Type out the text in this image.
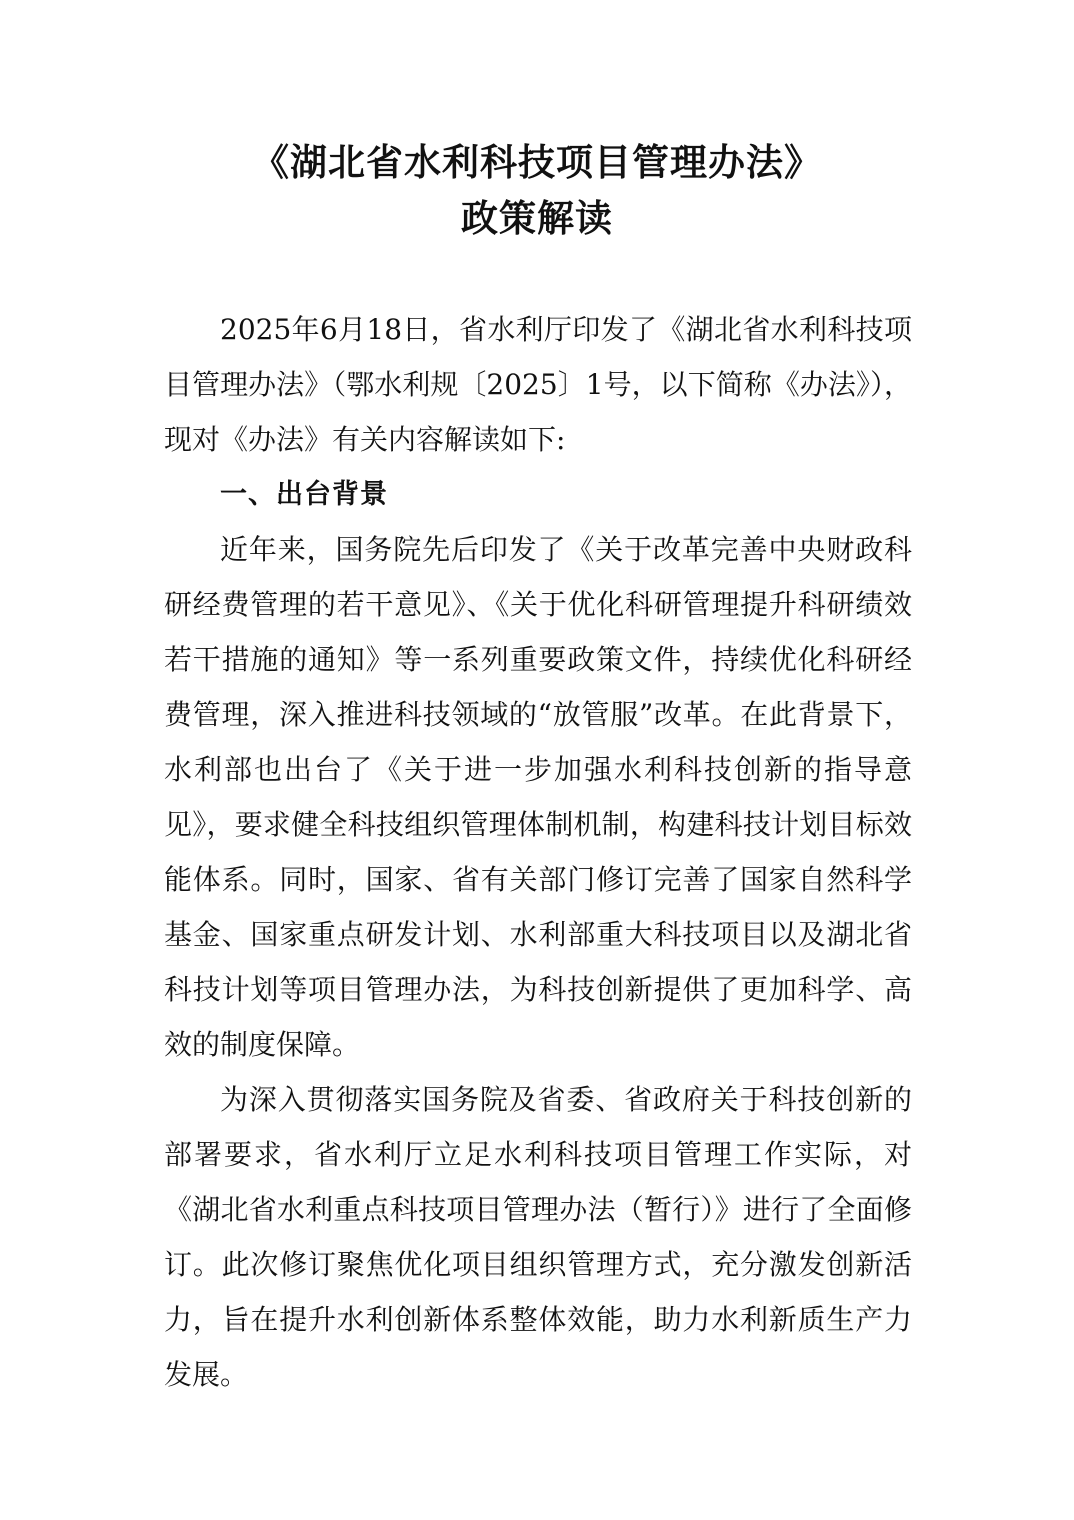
《湖北省水利科技项目管理办法》
政策解读

2025年6月18日，省水利厅印发了《湖北省水利科技项目管理办法》（鄂水利规〔2025〕1号，以下简称《办法》），现对《办法》有关内容解读如下:

一、出台背景

近年来，国务院先后印发了《关于改革完善中央财政科研经费管理的若干意见》、《关于优化科研管理提升科研绩效若干措施的通知》等一系列重要政策文件，持续优化科研经费管理，深入推进科技领域的“放管服”改革。在此背景下，水利部也出台了《关于进一步加强水利科技创新的指导意见》，要求健全科技组织管理体制机制，构建科技计划目标效能体系。同时，国家、省有关部门修订完善了国家自然科学基金、国家重点研发计划、水利部重大科技项目以及湖北省科技计划等项目管理办法，为科技创新提供了更加科学、高效的制度保障。

为深入贯彻落实国务院及省委、省政府关于科技创新的部署要求，省水利厅立足水利科技项目管理工作实际，对《湖北省水利重点科技项目管理办法（暂行）》进行了全面修订。此次修订聚焦优化项目组织管理方式，充分激发创新活力，旨在提升水利创新体系整体效能，助力水利新质生产力发展。
